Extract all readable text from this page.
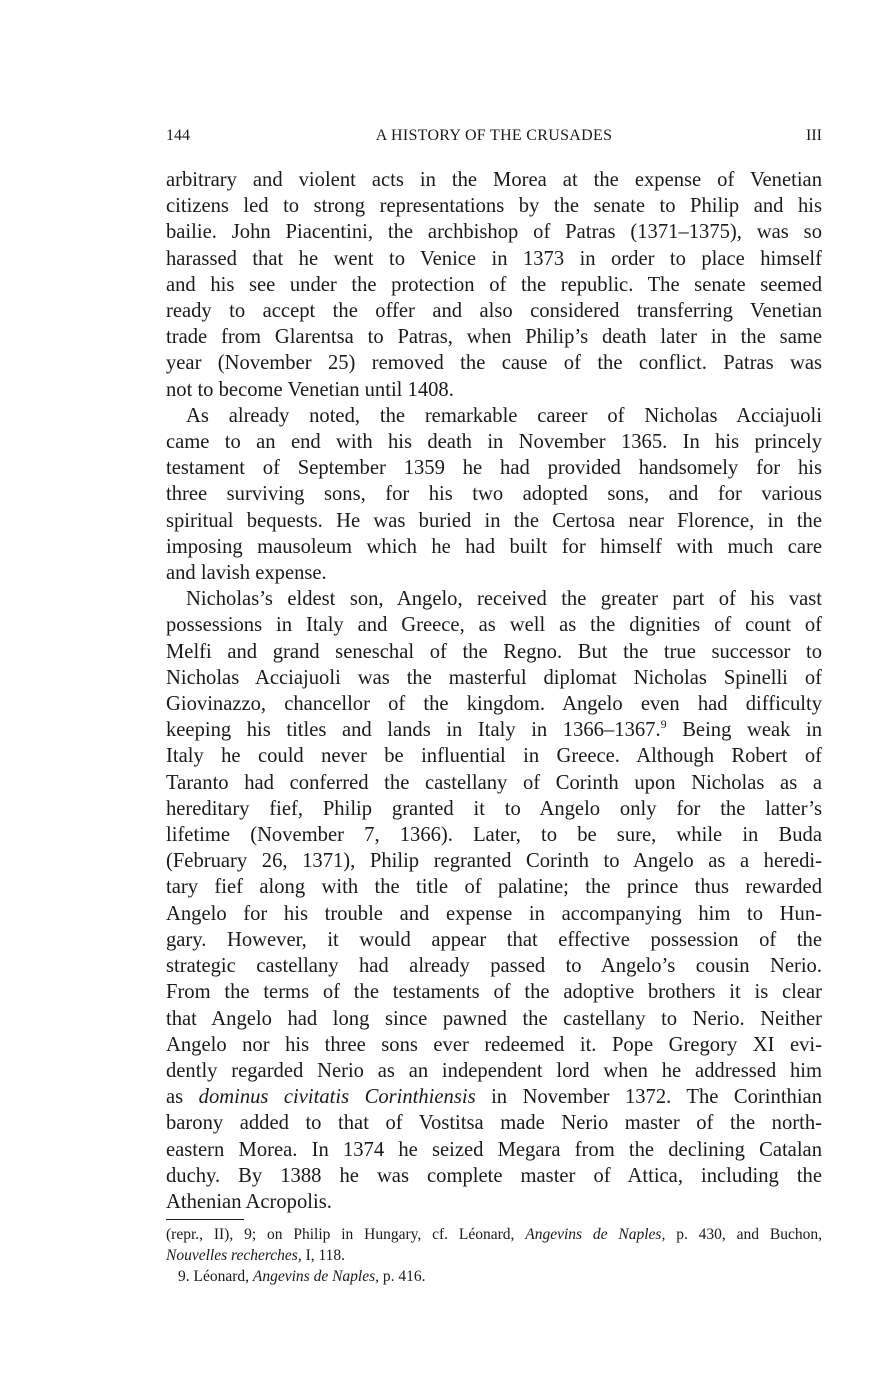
144	A HISTORY OF THE CRUSADES	III
arbitrary and violent acts in the Morea at the expense of Venetian
citizens led to strong representations by the senate to Philip and his
bailie. John Piacentini, the archbishop of Patras (1371–1375), was so
harassed that he went to Venice in 1373 in order to place himself
and his see under the protection of the republic. The senate seemed
ready to accept the offer and also considered transferring Venetian
trade from Glarentsa to Patras, when Philip’s death later in the same
year (November 25) removed the cause of the conflict. Patras was
not to become Venetian until 1408.
As already noted, the remarkable career of Nicholas Acciajuoli
came to an end with his death in November 1365. In his princely
testament of September 1359 he had provided handsomely for his
three surviving sons, for his two adopted sons, and for various
spiritual bequests. He was buried in the Certosa near Florence, in the
imposing mausoleum which he had built for himself with much care
and lavish expense.
Nicholas’s eldest son, Angelo, received the greater part of his vast
possessions in Italy and Greece, as well as the dignities of count of
Melfi and grand seneschal of the Regno. But the true successor to
Nicholas Acciajuoli was the masterful diplomat Nicholas Spinelli of
Giovinazzo, chancellor of the kingdom. Angelo even had difficulty
keeping his titles and lands in Italy in 1366–1367.$^9$ Being weak in
Italy he could never be influential in Greece. Although Robert of
Taranto had conferred the castellany of Corinth upon Nicholas as a
hereditary fief, Philip granted it to Angelo only for the latter’s
lifetime (November 7, 1366). Later, to be sure, while in Buda
(February 26, 1371), Philip regranted Corinth to Angelo as a heredi-
tary fief along with the title of palatine; the prince thus rewarded
Angelo for his trouble and expense in accompanying him to Hun-
gary. However, it would appear that effective possession of the
strategic castellany had already passed to Angelo’s cousin Nerio.
From the terms of the testaments of the adoptive brothers it is clear
that Angelo had long since pawned the castellany to Nerio. Neither
Angelo nor his three sons ever redeemed it. Pope Gregory XI evi-
dently regarded Nerio as an independent lord when he addressed him
as dominus civitatis Corinthiensis in November 1372. The Corinthian
barony added to that of Vostitsa made Nerio master of the north-
eastern Morea. In 1374 he seized Megara from the declining Catalan
duchy. By 1388 he was complete master of Attica, including the
Athenian Acropolis.
(repr., II), 9; on Philip in Hungary, cf. Léonard, Angevins de Naples, p. 430, and Buchon,
Nouvelles recherches, I, 118.
9. Léonard, Angevins de Naples, p. 416.
